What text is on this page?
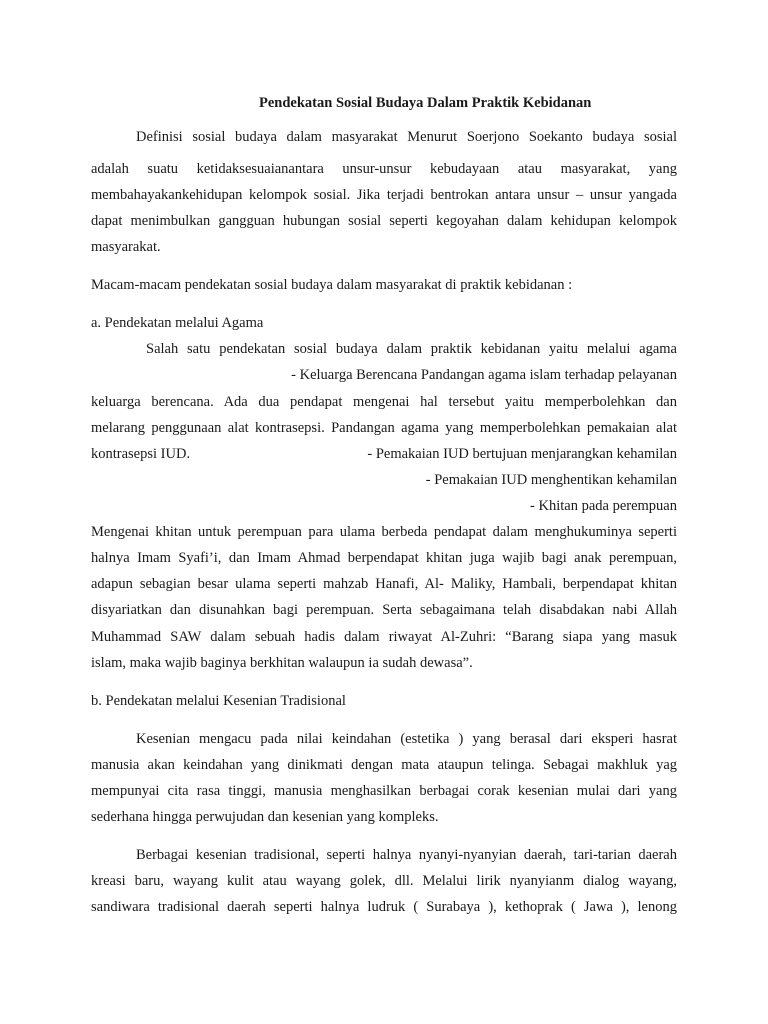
Pendekatan Sosial Budaya Dalam Praktik Kebidanan
Definisi sosial budaya dalam masyarakat Menurut Soerjono Soekanto budaya sosial
adalah suatu ketidaksesuaianantara unsur-unsur kebudayaan atau masyarakat, yang
membahayakankehidupan kelompok sosial. Jika terjadi bentrokan antara unsur – unsur yangada
dapat menimbulkan gangguan hubungan sosial seperti kegoyahan dalam kehidupan kelompok
masyarakat.
Macam-macam pendekatan sosial budaya dalam masyarakat di praktik kebidanan :
a. Pendekatan melalui Agama
Salah satu pendekatan sosial budaya dalam praktik kebidanan yaitu melalui agama
- Keluarga Berencana Pandangan agama islam terhadap pelayanan
keluarga berencana. Ada dua pendapat mengenai hal tersebut yaitu memperbolehkan dan
melarang penggunaan alat kontrasepsi. Pandangan agama yang memperbolehkan pemakaian alat
kontrasepsi IUD.	- Pemakaian IUD bertujuan menjarangkan kehamilan
- Pemakaian IUD menghentikan kehamilan
- Khitan pada perempuan
Mengenai khitan untuk perempuan para ulama berbeda pendapat dalam menghukuminya seperti
halnya Imam Syafi’i, dan Imam Ahmad berpendapat khitan juga wajib bagi anak perempuan,
adapun sebagian besar ulama seperti mahzab Hanafi, Al- Maliky, Hambali, berpendapat khitan
disyariatkan dan disunahkan bagi perempuan. Serta sebagaimana telah disabdakan nabi Allah
Muhammad SAW dalam sebuah hadis dalam riwayat Al-Zuhri: “Barang siapa yang masuk
islam, maka wajib baginya berkhitan walaupun ia sudah dewasa”.
b. Pendekatan melalui Kesenian Tradisional
Kesenian mengacu pada nilai keindahan (estetika ) yang berasal dari eksperi hasrat
manusia akan keindahan yang dinikmati dengan mata ataupun telinga. Sebagai makhluk yag
mempunyai cita rasa tinggi, manusia menghasilkan berbagai corak kesenian mulai dari yang
sederhana hingga perwujudan dan kesenian yang kompleks.
Berbagai kesenian tradisional, seperti halnya nyanyi-nyanyian daerah, tari-tarian daerah
kreasi baru, wayang kulit atau wayang golek, dll. Melalui lirik nyanyianm dialog wayang,
sandiwara tradisional daerah seperti halnya ludruk ( Surabaya ), kethoprak ( Jawa ), lenong
